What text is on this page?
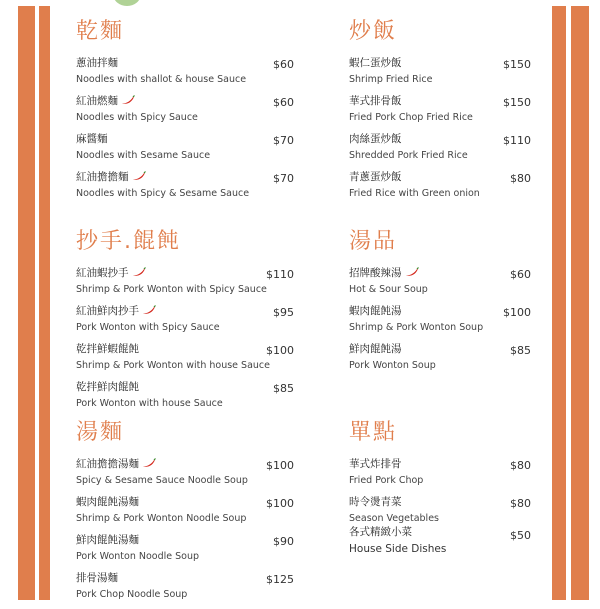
乾麵
蔥油拌麵
Noodles with shallot & house Sauce
$60
紅油燃麵
Noodles with Spicy Sauce
$60
麻醬麵
Noodles with Sesame Sauce
$70
紅油擔擔麵
Noodles with Spicy & Sesame Sauce
$70
抄手.餛飩
紅油蝦抄手
Shrimp & Pork Wonton with Spicy Sauce
$110
紅油鮮肉抄手
Pork Wonton with Spicy Sauce
$95
乾拌鮮蝦餛飩
Shrimp & Pork Wonton with house Sauce
$100
乾拌鮮肉餛飩
Pork Wonton with house Sauce
$85
湯麵
紅油擔擔湯麵
Spicy & Sesame Sauce Noodle Soup
$100
蝦肉餛飩湯麵
Shrimp & Pork Wonton Noodle Soup
$100
鮮肉餛飩湯麵
Pork Wonton Noodle Soup
$90
排骨湯麵
Pork Chop Noodle Soup
$125
炒飯
蝦仁蛋炒飯
Shrimp Fried Rice
$150
華式排骨飯
Fried Pork Chop Fried Rice
$150
肉絲蛋炒飯
Shredded Pork Fried Rice
$110
青蔥蛋炒飯
Fried Rice with Green onion
$80
湯品
招牌酸辣湯
Hot & Sour Soup
$60
蝦肉餛飩湯
Shrimp & Pork Wonton Soup
$100
鮮肉餛飩湯
Pork Wonton Soup
$85
單點
華式炸排骨
Fried Pork Chop
$80
時令燙青菜
Season Vegetables
$80
各式精緻小菜
House Side Dishes
$50
